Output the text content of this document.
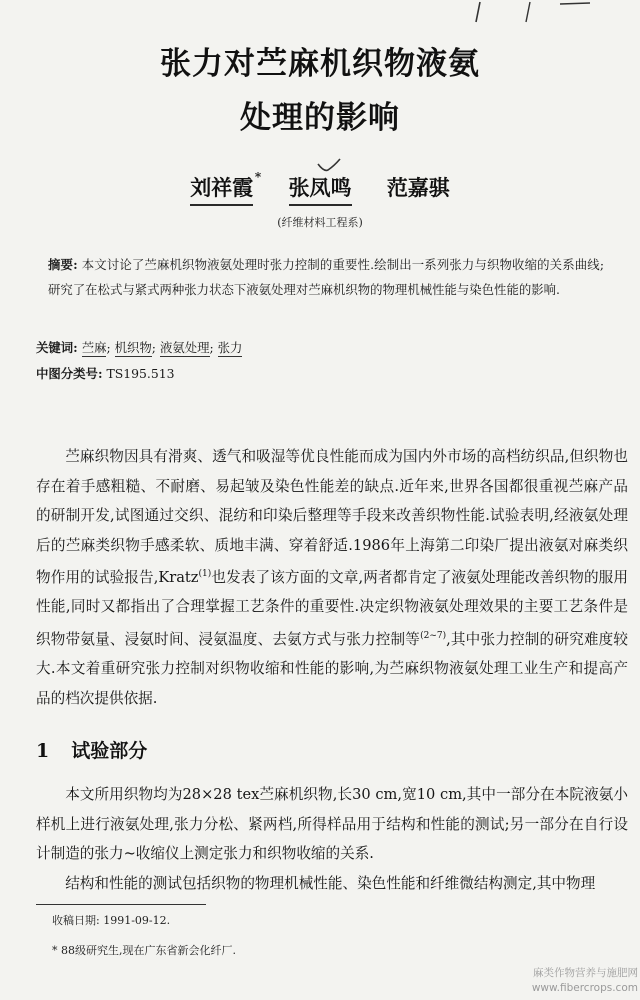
张力对苎麻机织物液氨
处理的影响
刘祥霞 * 张凤鸣 范嘉骐
(纤维材料工程系)

摘要: 本文讨论了苎麻机织物液氨处理时张力控制的重要性.绘制出一系列张力与织物收缩的关系曲线;研究了在松式与紧式两种张力状态下液氨处理对苎麻机织物的物理机械性能与染色性能的影响.

关键词: 苎麻; 机织物; 液氨处理; 张力
中图分类号: TS195.513

苎麻织物因具有滑爽、透气和吸湿等优良性能而成为国内外市场的高档纺织品,但织物也存在着手感粗糙、不耐磨、易起皱及染色性能差的缺点.近年来,世界各国都很重视苎麻产品的研制开发,试图通过交织、混纺和印染后整理等手段来改善织物性能.试验表明,经液氨处理后的苎麻类织物手感柔软、质地丰满、穿着舒适.1986年上海第二印染厂提出液氨对麻类织物作用的试验报告,Kratz$^{(1)}$也发表了该方面的文章,两者都肯定了液氨处理能改善织物的服用性能,同时又都指出了合理掌握工艺条件的重要性.决定织物液氨处理效果的主要工艺条件是织物带氨量、浸氨时间、浸氨温度、去氨方式与张力控制等$^{(2\sim 7)}$,其中张力控制的研究难度较大.本文着重研究张力控制对织物收缩和性能的影响,为苎麻织物液氨处理工业生产和提高产品的档次提供依据.

1 试验部分

本文所用织物均为28×28 tex苎麻机织物,长30 cm,宽10 cm,其中一部分在本院液氨小样机上进行液氨处理,张力分松、紧两档,所得样品用于结构和性能的测试;另一部分在自行设计制造的张力~收缩仪上测定张力和织物收缩的关系.

结构和性能的测试包括织物的物理机械性能、染色性能和纤维微结构测定,其中物理

收稿日期: 1991-09-12.
* 88级研究生,现在广东省新会化纤厂.
麻类作物营养与施肥网
www.fibercrops.com
